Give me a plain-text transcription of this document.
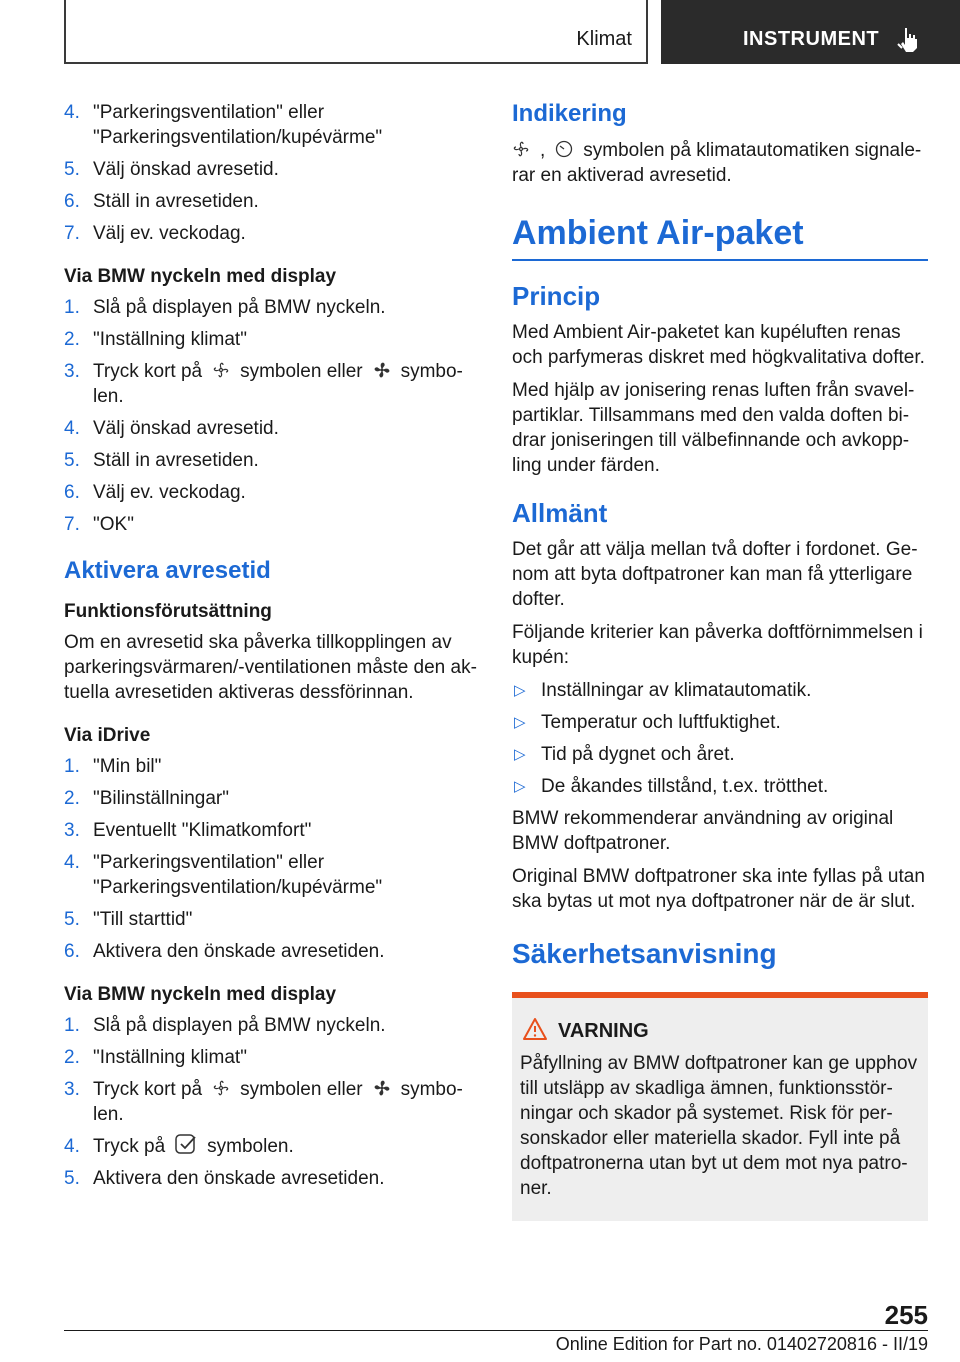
Klimat	INSTRUMENT
4. "Parkeringsventilation" eller "Parkeringsventilation/kupévärme"
5. Välj önskad avresetid.
6. Ställ in avresetiden.
7. Välj ev. veckodag.
Via BMW nyckeln med display
1. Slå på displayen på BMW nyckeln.
2. "Inställning klimat"
3. Tryck kort på symbolen eller symbo-len.
4. Välj önskad avresetid.
5. Ställ in avresetiden.
6. Välj ev. veckodag.
7. "OK"
Aktivera avresetid
Funktionsförutsättning
Om en avresetid ska påverka tillkopplingen av parkeringsvärmaren/-ventilationen måste den ak-tuella avresetiden aktiveras dessförinnan.
Via iDrive
1. "Min bil"
2. "Bilinställningar"
3. Eventuellt "Klimatkomfort"
4. "Parkeringsventilation" eller "Parkeringsventilation/kupévärme"
5. "Till starttid"
6. Aktivera den önskade avresetiden.
Via BMW nyckeln med display
1. Slå på displayen på BMW nyckeln.
2. "Inställning klimat"
3. Tryck kort på symbolen eller symbo-len.
4. Tryck på symbolen.
5. Aktivera den önskade avresetiden.
Indikering
, symbolen på klimatautomatiken signale-rar en aktiverad avresetid.
Ambient Air-paket
Princip
Med Ambient Air-paketet kan kupéluften renas och parfymeras diskret med högkvalitativa dofter.
Med hjälp av jonisering renas luften från svavel-partiklar. Tillsammans med den valda doften bi-drar joniseringen till välbefinnande och avkopp-ling under färden.
Allmänt
Det går att välja mellan två dofter i fordonet. Ge-nom att byta doftpatroner kan man få ytterligare dofter.
Följande kriterier kan påverka doftförnimmelsen i kupén:
▷ Inställningar av klimatautomatik.
▷ Temperatur och luftfuktighet.
▷ Tid på dygnet och året.
▷ De åkandes tillstånd, t.ex. trötthet.
BMW rekommenderar användning av original BMW doftpatroner.
Original BMW doftpatroner ska inte fyllas på utan ska bytas ut mot nya doftpatroner när de är slut.
Säkerhetsanvisning
VARNING
Påfyllning av BMW doftpatroner kan ge upphov till utsläpp av skadliga ämnen, funktionsstör-ningar och skador på systemet. Risk för per-sonskador eller materiella skador. Fyll inte på doftpatronerna utan byt ut dem mot nya patro-ner.
255
Online Edition for Part no. 01402720816 - II/19
